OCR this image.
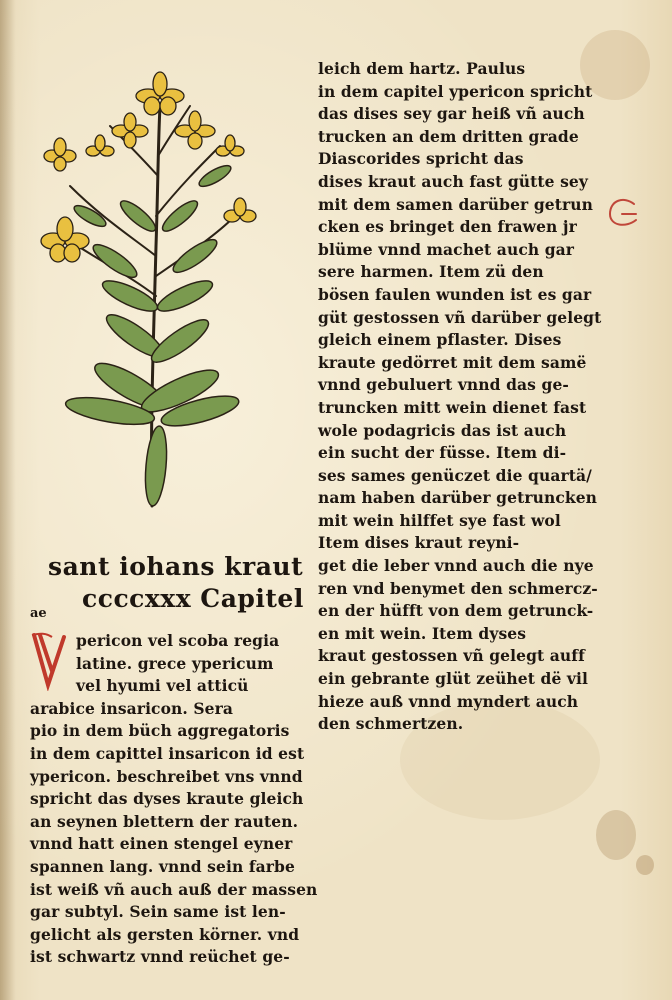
leich dem hartz. Paulus
in dem capitel ypericon spricht
das dises sey gar heiß vñ auch
trucken an dem dritten grade
Diascorides spricht das
dises kraut auch fast gütte sey
mit dem samen darüber getrun
cken es bringet den frawen jr
blüme vnnd machet auch gar
sere harmen. Item zü den
bösen faulen wunden ist es gar
güt gestossen vñ darüber gelegt
gleich einem pflaster. Dises
kraute gedörret mit dem samë
vnnd gebuluert vnnd das ge-
truncken mitt wein dienet fast
wole podagricis das ist auch
ein sucht der füsse. Item di-
ses sames genüczet die quartä/
nam haben darüber getruncken
mit wein hilffet sye fast wol
Item dises kraut reyni-
get die leber vnnd auch die nye
ren vnd benymet den schmercz-
en der hüfft von dem getrunck-
en mit wein. Item dyses
kraut gestossen vñ gelegt auff
ein gebrante glüt zeühet dë vil
hieze auß vnnd myndert auch
den schmertzen.
sant iohans kraut
ccccxxx Capitel
ae
pericon vel scoba regia
latine. grece ypericum
vel hyumi vel atticü
arabice insaricon. Sera
pio in dem büch aggregatoris
in dem capittel insaricon id est
ypericon. beschreibet vns vnnd
spricht das dyses kraute gleich
an seynen blettern der rauten.
vnnd hatt einen stengel eyner
spannen lang. vnnd sein farbe
ist weiß vñ auch auß der massen
gar subtyl. Sein same ist len-
gelicht als gersten körner. vnd
ist schwartz vnnd reüchet ge-
